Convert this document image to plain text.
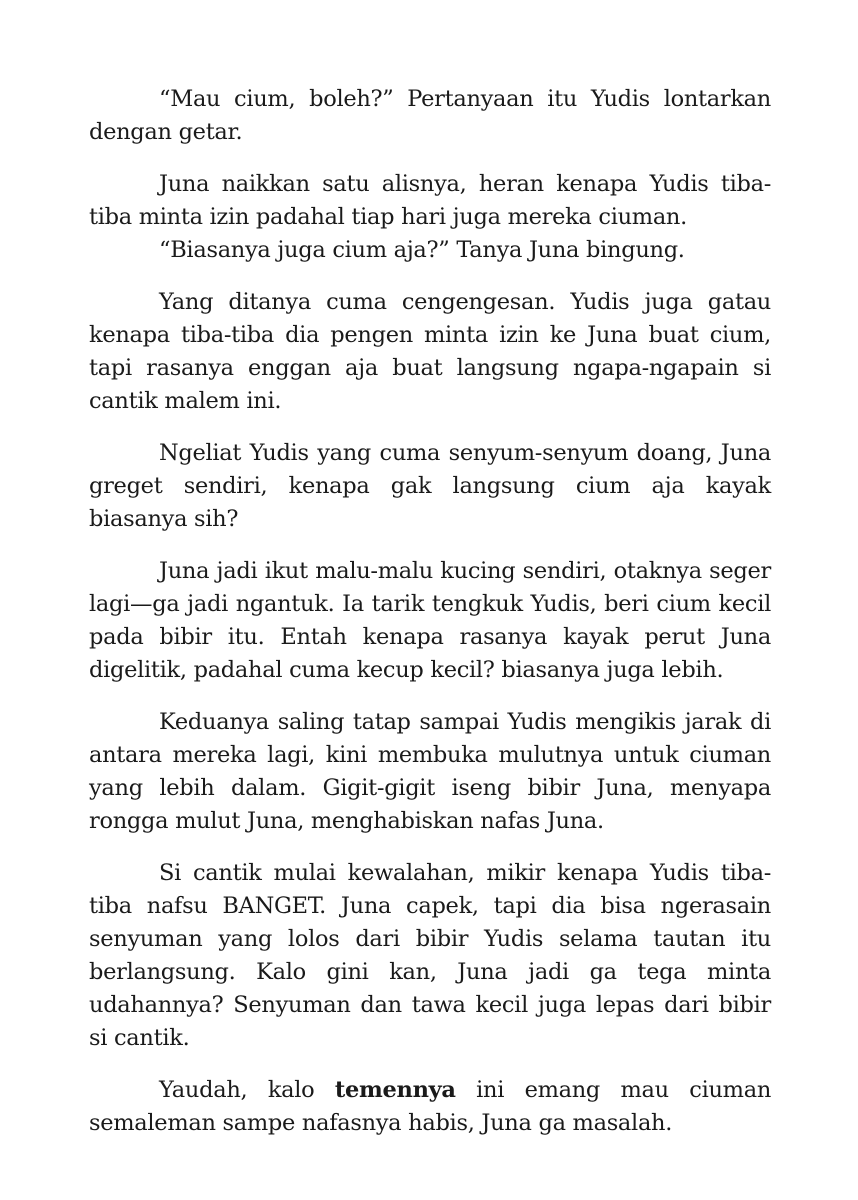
“Mau cium, boleh?” Pertanyaan itu Yudis lontarkan dengan getar.

Juna naikkan satu alisnya, heran kenapa Yudis tiba-tiba minta izin padahal tiap hari juga mereka ciuman.

“Biasanya juga cium aja?” Tanya Juna bingung.

Yang ditanya cuma cengengesan. Yudis juga gatau kenapa tiba-tiba dia pengen minta izin ke Juna buat cium, tapi rasanya enggan aja buat langsung ngapa-ngapain si cantik malem ini.

Ngeliat Yudis yang cuma senyum-senyum doang, Juna greget sendiri, kenapa gak langsung cium aja kayak biasanya sih?

Juna jadi ikut malu-malu kucing sendiri, otaknya seger lagi—ga jadi ngantuk. Ia tarik tengkuk Yudis, beri cium kecil pada bibir itu. Entah kenapa rasanya kayak perut Juna digelitik, padahal cuma kecup kecil? biasanya juga lebih.

Keduanya saling tatap sampai Yudis mengikis jarak di antara mereka lagi, kini membuka mulutnya untuk ciuman yang lebih dalam. Gigit-gigit iseng bibir Juna, menyapa rongga mulut Juna, menghabiskan nafas Juna.

Si cantik mulai kewalahan, mikir kenapa Yudis tiba-tiba nafsu BANGET. Juna capek, tapi dia bisa ngerasain senyuman yang lolos dari bibir Yudis selama tautan itu berlangsung. Kalo gini kan, Juna jadi ga tega minta udahannya? Senyuman dan tawa kecil juga lepas dari bibir si cantik.

Yaudah, kalo temennya ini emang mau ciuman semaleman sampe nafasnya habis, Juna ga masalah.
